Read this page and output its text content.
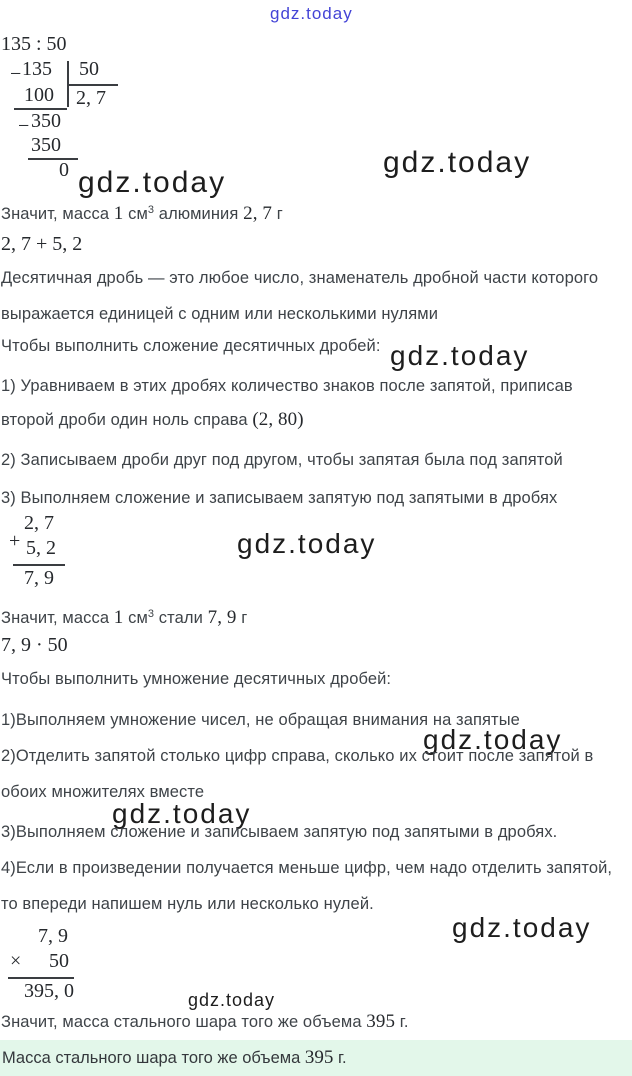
gdz.today
gdz.today
gdz.today
gdz.today
gdz.today
gdz.today
gdz.today
gdz.today
gdz.today
135 : 50
− 135 50
100 2, 7
350
−
350
0
Значит, масса 1 $см^3$ алюминия 2, 7 г
2, 7 + 5, 2
Десятичная дробь — это любое число, знаменатель дробной части которого
выражается единицей с одним или несколькими нулями
Чтобы выполнить сложение десятичных дробей:
1) Уравниваем в этих дробях количество знаков после запятой, приписав
второй дроби один ноль справа (2, 80)
2) Записываем дроби друг под другом, чтобы запятая была под запятой
3) Выполняем сложение и записываем запятую под запятыми в дробях
+
2, 7
5, 2
7, 9
Значит, масса 1 $см^3$ стали 7, 9 г
7, 9 · 50
Чтобы выполнить умножение десятичных дробей:
1)Выполняем умножение чисел, не обращая внимания на запятые
2)Отделить запятой столько цифр справа, сколько их стоит после запятой в
обоих множителях вместе
3)Выполняем сложение и записываем запятую под запятыми в дробях.
4)Если в произведении получается меньше цифр, чем надо отделить запятой,
то впереди напишем нуль или несколько нулей.
7, 9
× 50
395, 0
Значит, масса стального шара того же объема 395 г.
Масса стального шара того же объема 395 г.
